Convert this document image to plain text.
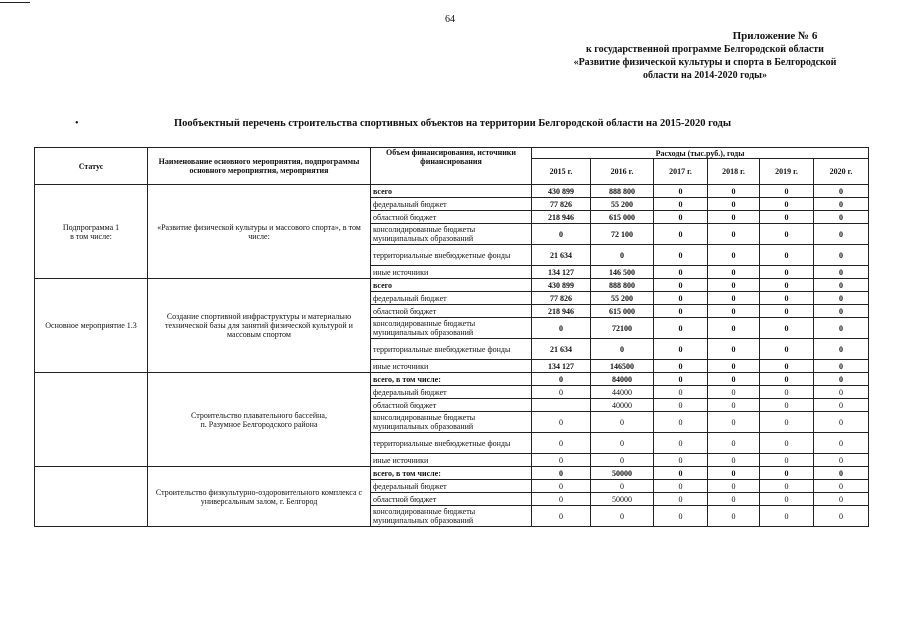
64
Приложение № 6
к государственной программе Белгородской области
«Развитие физической культуры и спорта в Белгородской
области на 2014-2020 годы»
•	Пообъектный перечень строительства спортивных объектов на территории Белгородской области на 2015-2020 годы
Статус	Наименование основного мероприятия, подпрограммы основного мероприятия, мероприятия	Объем финансирования, источники финансирования	Расходы (тыс.руб.), годы					
			2015 г.	2016 г.	2017 г.	2018 г.	2019 г.	2020 г.
Подпрограмма 1
в том числе:	«Развитие физической культуры и массового спорта», в том числе:	всего	430 899	888 800	0	0	0	0
		федеральный бюджет	77 826	55 200	0	0	0	0
		областной бюджет	218 946	615 000	0	0	0	0
		консолидированные бюджеты муниципальных образований	0	72 100	0	0	0	0
		территориальные внебюджетные фонды	21 634	0	0	0	0	0
		иные источники	134 127	146 500	0	0	0	0
Основное мероприятие 1.3	Создание спортивной инфраструктуры и материально технической базы для занятий физической культурой и массовым спортом	всего	430 899	888 800	0	0	0	0
		федеральный бюджет	77 826	55 200	0	0	0	0
		областной бюджет	218 946	615 000	0	0	0	0
		консолидированные бюджеты муниципальных образований	0	72100	0	0	0	0
		территориальные внебюджетные фонды	21 634	0	0	0	0	0
		иные источники	134 127	146500	0	0	0	0
	Строительство плавательного бассейна,
п. Разумное Белгородского района	всего, в том числе:	0	84000	0	0	0	0
		федеральный бюджет	0	44000	0	0	0	0
		областной бюджет		40000	0	0	0	0
		консолидированные бюджеты муниципальных образований	0	0	0	0	0	0
		территориальные внебюджетные фонды	0	0	0	0	0	0
		иные источники	0	0	0	0	0	0
	Строительство физкультурно-оздоровительного комплекса с универсальным залом, г. Белгород	всего, в том числе:	0	50000	0	0	0	0
		федеральный бюджет	0	0	0	0	0	0
		областной бюджет	0	50000	0	0	0	0
		консолидированные бюджеты муниципальных образований	0	0	0	0	0	0
